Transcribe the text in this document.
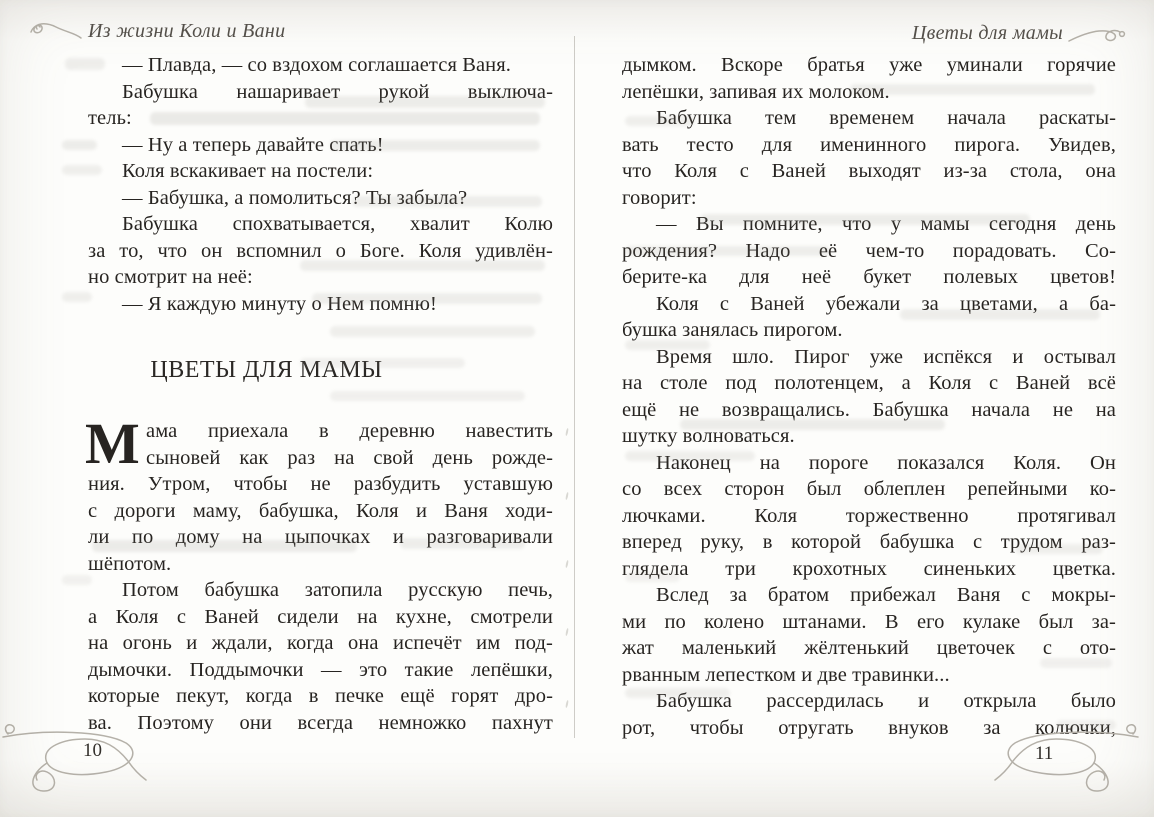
Из жизни Коли и Вани	Цветы для мамы
— Плавда, — со вздохом соглашается Ваня.
Бабушка нашаривает рукой выключа-
тель:
— Ну а теперь давайте спать!
Коля вскакивает на постели:
— Бабушка, а помолиться? Ты забыла?
Бабушка спохватывается, хвалит Колю
за то, что он вспомнил о Боге. Коля удивлён-
но смотрит на неё:
— Я каждую минуту о Нем помню!
ЦВЕТЫ ДЛЯ МАМЫ
М ама приехала в деревню навестить
сыновей как раз на свой день рожде-
ния. Утром, чтобы не разбудить уставшую
с дороги маму, бабушка, Коля и Ваня ходи-
ли по дому на цыпочках и разговаривали
шёпотом.
Потом бабушка затопила русскую печь,
а Коля с Ваней сидели на кухне, смотрели
на огонь и ждали, когда она испечёт им под-
дымочки. Поддымочки — это такие лепёшки,
которые пекут, когда в печке ещё горят дро-
ва. Поэтому они всегда немножко пахнут
дымком. Вскоре братья уже уминали горячие
лепёшки, запивая их молоком.
Бабушка тем временем начала раскаты-
вать тесто для именинного пирога. Увидев,
что Коля с Ваней выходят из-за стола, она
говорит:
— Вы помните, что у мамы сегодня день
рождения? Надо её чем-то порадовать. Со-
берите-ка для неё букет полевых цветов!
Коля с Ваней убежали за цветами, а ба-
бушка занялась пирогом.
Время шло. Пирог уже испёкся и остывал
на столе под полотенцем, а Коля с Ваней всё
ещё не возвращались. Бабушка начала не на
шутку волноваться.
Наконец на пороге показался Коля. Он
со всех сторон был облеплен репейными ко-
лючками. Коля торжественно протягивал
вперед руку, в которой бабушка с трудом раз-
глядела три крохотных синеньких цветка.
Вслед за братом прибежал Ваня с мокры-
ми по колено штанами. В его кулаке был за-
жат маленький жёлтенький цветочек с ото-
рванным лепестком и две травинки...
Бабушка рассердилась и открыла было
рот, чтобы отругать внуков за колючки,
10	11
